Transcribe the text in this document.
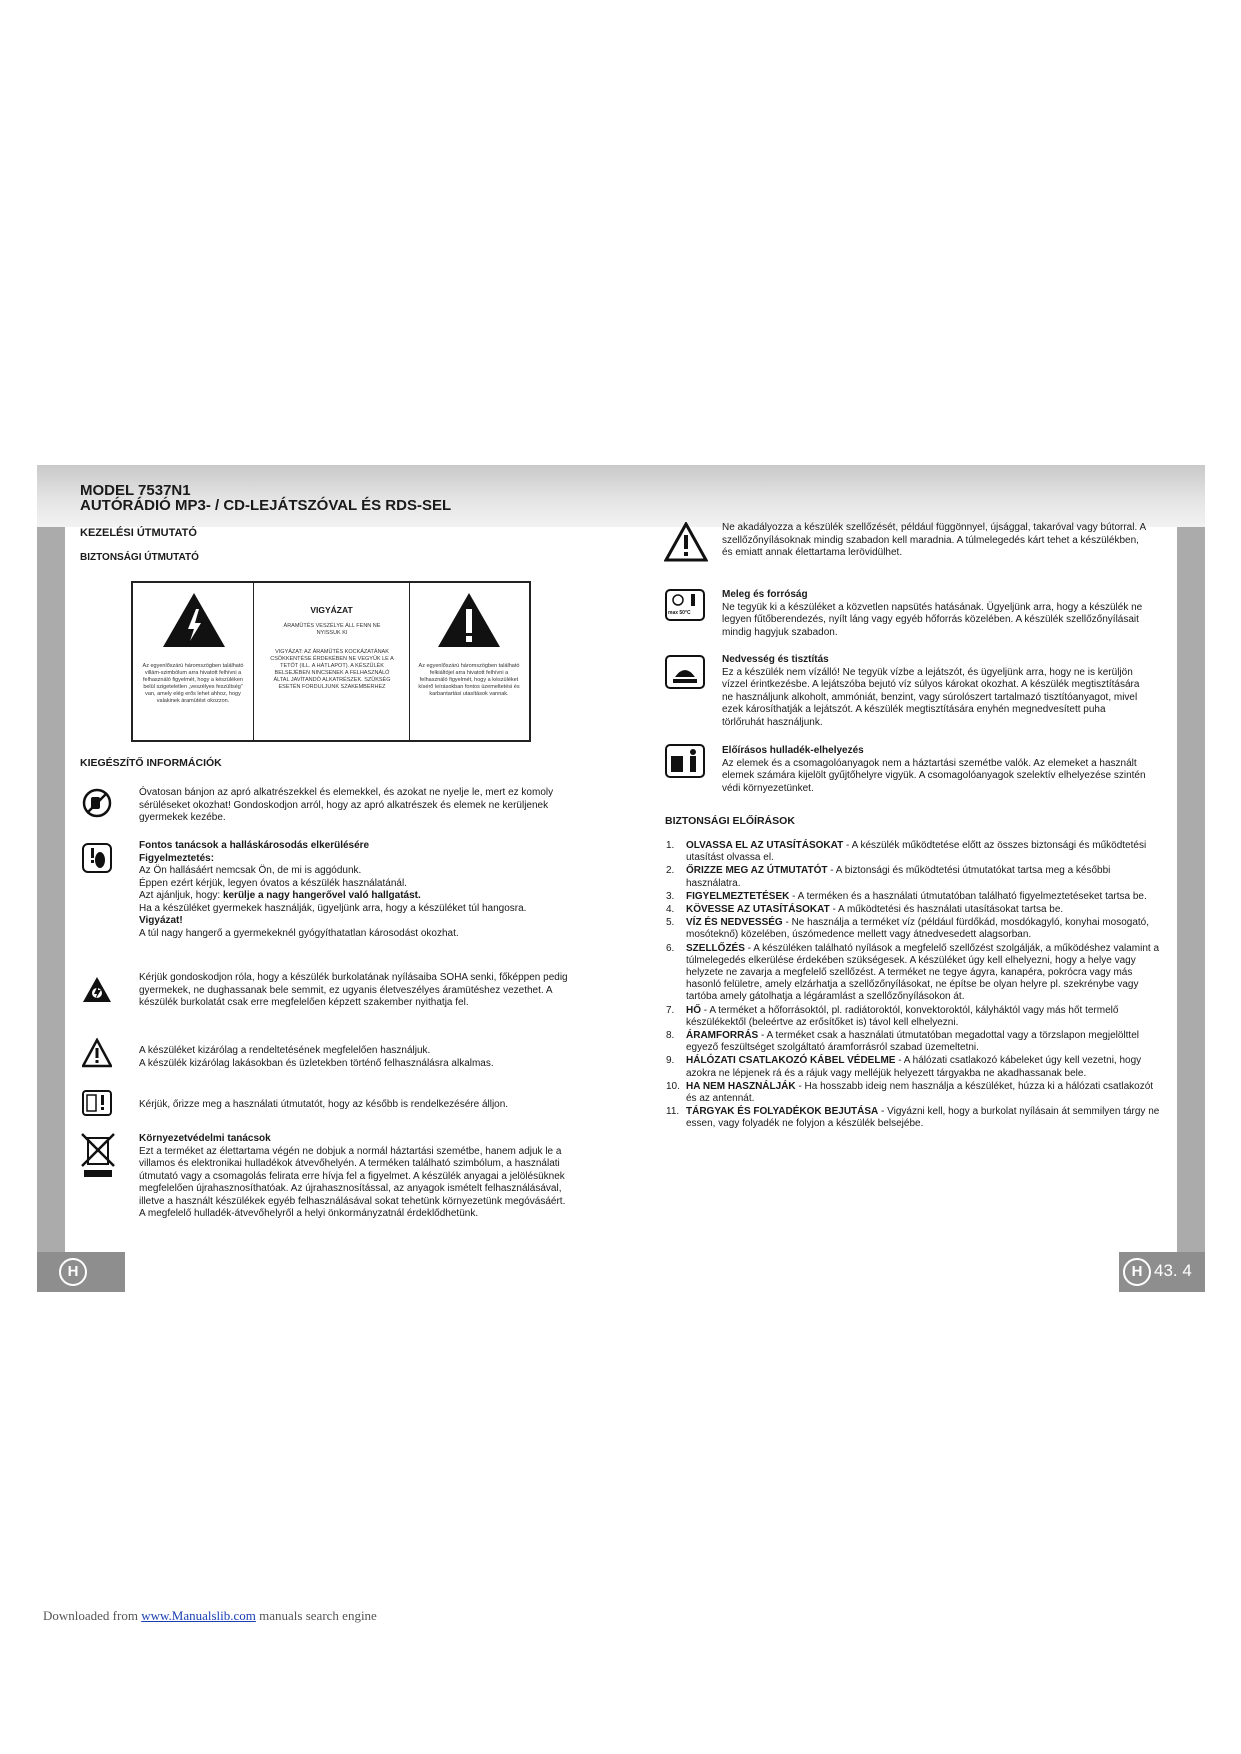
H	H 43. 4
MODEL 7537N1
AUTÓRÁDIÓ MP3- / CD-LEJÁTSZÓVAL ÉS RDS-SEL
KEZELÉSI ÚTMUTATÓ
BIZTONSÁGI ÚTMUTATÓ
Az egyenlőszárú háromszögben található villám-szimbólum arra hivatott felhívni a felhasználó figyelmét, hogy a készüléken belül szigeteletlen „veszélyes feszültség” van, amely elég erős lehet ahhoz, hogy valakinek áramütést okozzon.
VIGYÁZAT
ÁRAMÜTÉS VESZÉLYE ÁLL FENN NE NYISSUK KI
VIGYÁZAT: AZ ÁRAMÜTÉS KOCKÁZATÁNAK CSÖKKENTÉSE ÉRDEKÉBEN NE VEGYÜK LE A TETŐT (ILL. A HÁTLAPOT). A KÉSZÜLÉK BELSEJÉBEN NINCSENEK A FELHASZNÁLÓ ÁLTAL JAVÍTANDÓ ALKATRÉSZEK. SZÜKSÉG ESETÉN FORDULJUNK SZAKEMBERHEZ
Az egyenlőszárú háromszögben található felkiáltójel arra hivatott felhívni a felhasználó figyelmét, hogy a készüléket kísérő leírásokban fontos üzemeltetési és karbantartási utasítások vannak.
KIEGÉSZÍTŐ INFORMÁCIÓK
Óvatosan bánjon az apró alkatrészekkel és elemekkel, és azokat ne nyelje le, mert ez komoly sérüléseket okozhat! Gondoskodjon arról, hogy az apró alkatrészek és elemek ne kerüljenek gyermekek kezébe.
Fontos tanácsok a halláskárosodás elkerülésére
Figyelmeztetés:
Az Ön hallásáért nemcsak Ön, de mi is aggódunk.
Éppen ezért kérjük, legyen óvatos a készülék használatánál.
Azt ajánljuk, hogy: kerülje a nagy hangerővel való hallgatást.
Ha a készüléket gyermekek használják, ügyeljünk arra, hogy a készüléket túl hangosra.
Vigyázat!
A túl nagy hangerő a gyermekeknél gyógyíthatatlan károsodást okozhat.
Kérjük gondoskodjon róla, hogy a készülék burkolatának nyílásaiba SOHA senki, főképpen pedig gyermekek, ne dughassanak bele semmit, ez ugyanis életveszélyes áramütéshez vezethet. A készülék burkolatát csak erre megfelelően képzett szakember nyithatja fel.
A készüléket kizárólag a rendeltetésének megfelelően használjuk.
A készülék kizárólag lakásokban és üzletekben történő felhasználásra alkalmas.
Kérjük, őrizze meg a használati útmutatót, hogy az később is rendelkezésére álljon.
Környezetvédelmi tanácsok
Ezt a terméket az élettartama végén ne dobjuk a normál háztartási szemétbe, hanem adjuk le a villamos és elektronikai hulladékok átvevőhelyén. A terméken található szimbólum, a használati útmutató vagy a csomagolás felirata erre hívja fel a figyelmet. A készülék anyagai a jelölésüknek megfelelően újrahasznosíthatóak. Az újrahasznosítással, az anyagok ismételt felhasználásával, illetve a használt készülékek egyéb felhasználásával sokat tehetünk környezetünk megóvásáért.
A megfelelő hulladék-átvevőhelyről a helyi önkormányzatnál érdeklődhetünk.
Ne akadályozza a készülék szellőzését, például függönnyel, újsággal, takaróval vagy bútorral. A szellőzőnyílásoknak mindig szabadon kell maradnia. A túlmelegedés kárt tehet a készülékben, és emiatt annak élettartama lerövidülhet.
max 50°C
Meleg és forróság
Ne tegyük ki a készüléket a közvetlen napsütés hatásának. Ügyeljünk arra, hogy a készülék ne legyen fűtőberendezés, nyílt láng vagy egyéb hőforrás közelében. A készülék szellőzőnyílásait mindig hagyjuk szabadon.
Nedvesség és tisztítás
Ez a készülék nem vízálló! Ne tegyük vízbe a lejátszót, és ügyeljünk arra, hogy ne is kerüljön vízzel érintkezésbe. A lejátszóba bejutó víz súlyos károkat okozhat. A készülék megtisztítására ne használjunk alkoholt, ammóniát, benzint, vagy súrolószert tartalmazó tisztítóanyagot, mivel ezek károsíthatják a lejátszót. A készülék megtisztítására enyhén megnedvesített puha törlőruhát használjunk.
Előírásos hulladék-elhelyezés
Az elemek és a csomagolóanyagok nem a háztartási szemétbe valók. Az elemeket a használt elemek számára kijelölt gyűjtőhelyre vigyük. A csomagolóanyagok szelektív elhelyezése szintén védi környezetünket.
BIZTONSÁGI ELŐÍRÁSOK
1.	OLVASSA EL AZ UTASÍTÁSOKAT - A készülék működtetése előtt az összes biztonsági és működtetési utasítást olvassa el.
2.	ŐRIZZE MEG AZ ÚTMUTATÓT - A biztonsági és működtetési útmutatókat tartsa meg a későbbi használatra.
3.	FIGYELMEZTETÉSEK - A terméken és a használati útmutatóban található figyelmeztetéseket tartsa be.
4.	KÖVESSE AZ UTASÍTÁSOKAT - A működtetési és használati utasításokat tartsa be.
5.	VÍZ ÉS NEDVESSÉG - Ne használja a terméket víz (például fürdőkád, mosdókagyló, konyhai mosogató, mosóteknő) közelében, úszómedence mellett vagy átnedvesedett alagsorban.
6.	SZELLŐZÉS - A készüléken található nyílások a megfelelő szellőzést szolgálják, a működéshez valamint a túlmelegedés elkerülése érdekében szükségesek. A készüléket úgy kell elhelyezni, hogy a helye vagy helyzete ne zavarja a megfelelő szellőzést. A terméket ne tegye ágyra, kanapéra, pokrócra vagy más hasonló felületre, amely elzárhatja a szellőzőnyílásokat, ne építse be olyan helyre pl. szekrénybe vagy tartóba amely gátolhatja a légáramlást a szellőzőnyílásokon át.
7.	HŐ - A terméket a hőforrásoktól, pl. radiátoroktól, konvektoroktól, kályháktól vagy más hőt termelő készülékektől (beleértve az erősítőket is) távol kell elhelyezni.
8.	ÁRAMFORRÁS - A terméket csak a használati útmutatóban megadottal vagy a törzslapon megjelölttel egyező feszültséget szolgáltató áramforrásról szabad üzemeltetni.
9.	HÁLÓZATI CSATLAKOZÓ KÁBEL VÉDELME - A hálózati csatlakozó kábeleket úgy kell vezetni, hogy azokra ne lépjenek rá és a rájuk vagy melléjük helyezett tárgyakba ne akadhassanak bele.
10. HA NEM HASZNÁLJÁK - Ha hosszabb ideig nem használja a készüléket, húzza ki a hálózati csatlakozót és az antennát.
11. TÁRGYAK ÉS FOLYADÉKOK BEJUTÁSA - Vigyázni kell, hogy a burkolat nyílásain át semmilyen tárgy ne essen, vagy folyadék ne folyjon a készülék belsejébe.
Downloaded from www.Manualslib.com manuals search engine
